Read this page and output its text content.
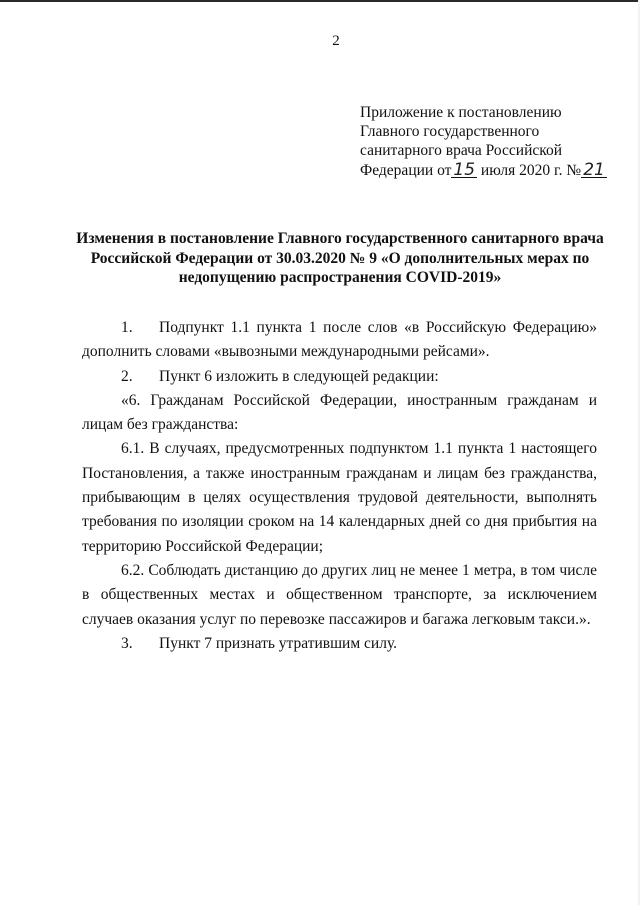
2
Приложение к постановлению
Главного государственного
санитарного врача Российской
Федерации от 15 июля 2020 г. № 21
Изменения в постановление Главного государственного санитарного врача
Российской Федерации от 30.03.2020 № 9 «О дополнительных мерах по
недопущению распространения COVID-2019»

1. Подпункт 1.1 пункта 1 после слов «в Российскую Федерацию» дополнить словами «вывозными международными рейсами».

2. Пункт 6 изложить в следующей редакции:

«6. Гражданам Российской Федерации, иностранным гражданам и лицам без гражданства:

6.1. В случаях, предусмотренных подпунктом 1.1 пункта 1 настоящего Постановления, а также иностранным гражданам и лицам без гражданства, прибывающим в целях осуществления трудовой деятельности, выполнять требования по изоляции сроком на 14 календарных дней со дня прибытия на территорию Российской Федерации;

6.2. Соблюдать дистанцию до других лиц не менее 1 метра, в том числе в общественных местах и общественном транспорте, за исключением случаев оказания услуг по перевозке пассажиров и багажа легковым такси.».

3. Пункт 7 признать утратившим силу.
